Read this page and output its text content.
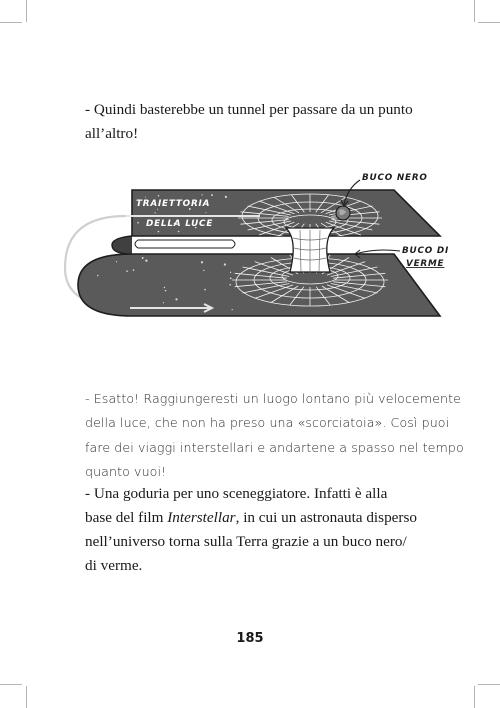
- Quindi basterebbe un tunnel per passare da un punto
all’altro!
TRAIETTORIA
DELLA LUCE
BUCO NERO
BUCO DI
VERME
BUCO BIANCO
- Esatto! Raggiungeresti un luogo lontano più velocemente
della luce, che non ha preso una «scorciatoia». Così puoi
fare dei viaggi interstellari e andartene a spasso nel tempo
quanto vuoi!
- Una goduria per uno sceneggiatore. Infatti è alla
base del film Interstellar, in cui un astronauta disperso
nell’universo torna sulla Terra grazie a un buco nero/
di verme.
185
